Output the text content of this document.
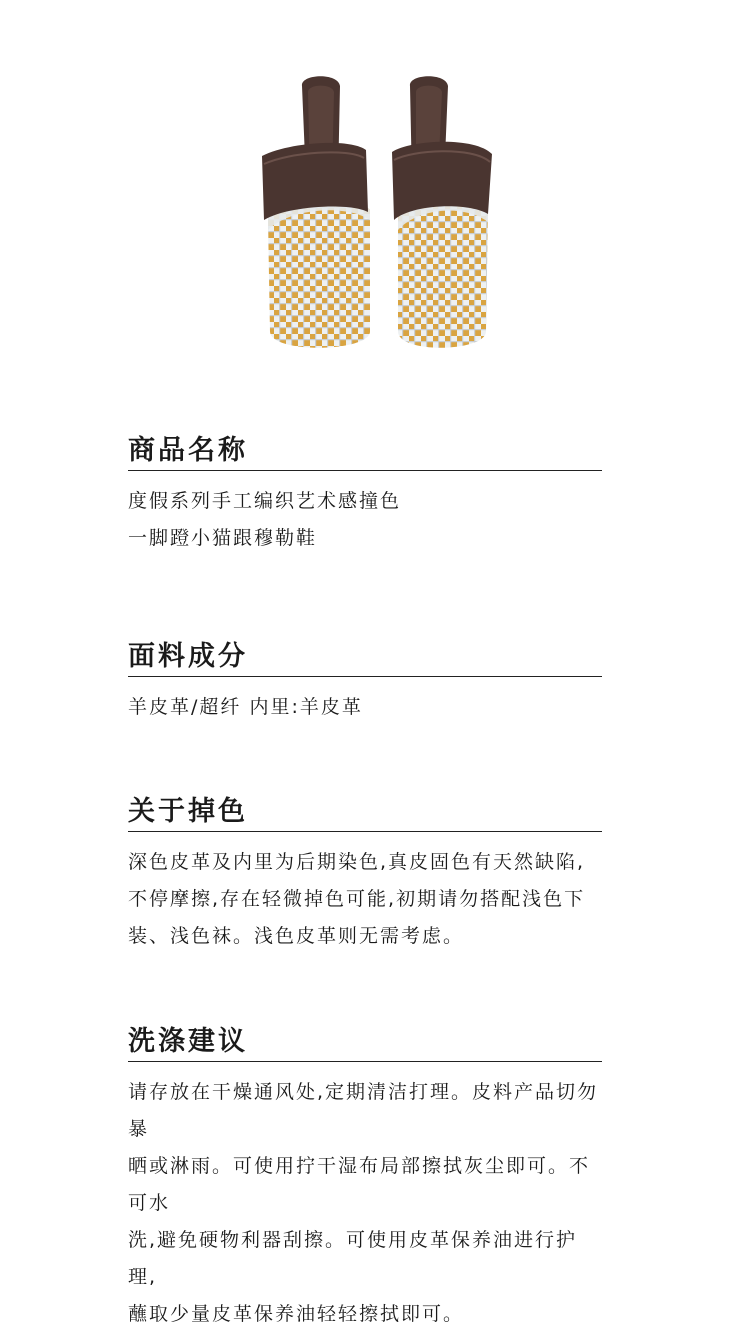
商品名称
度假系列手工编织艺术感撞色
一脚蹬小猫跟穆勒鞋
面料成分
羊皮革/超纤 内里:羊皮革
关于掉色
深色皮革及内里为后期染色,真皮固色有天然缺陷,
不停摩擦,存在轻微掉色可能,初期请勿搭配浅色下
装、浅色袜。浅色皮革则无需考虑。
洗涤建议
请存放在干燥通风处,定期清洁打理。皮料产品切勿暴
晒或淋雨。可使用拧干湿布局部擦拭灰尘即可。不可水
洗,避免硬物利器刮擦。可使用皮革保养油进行护理,
蘸取少量皮革保养油轻轻擦拭即可。
